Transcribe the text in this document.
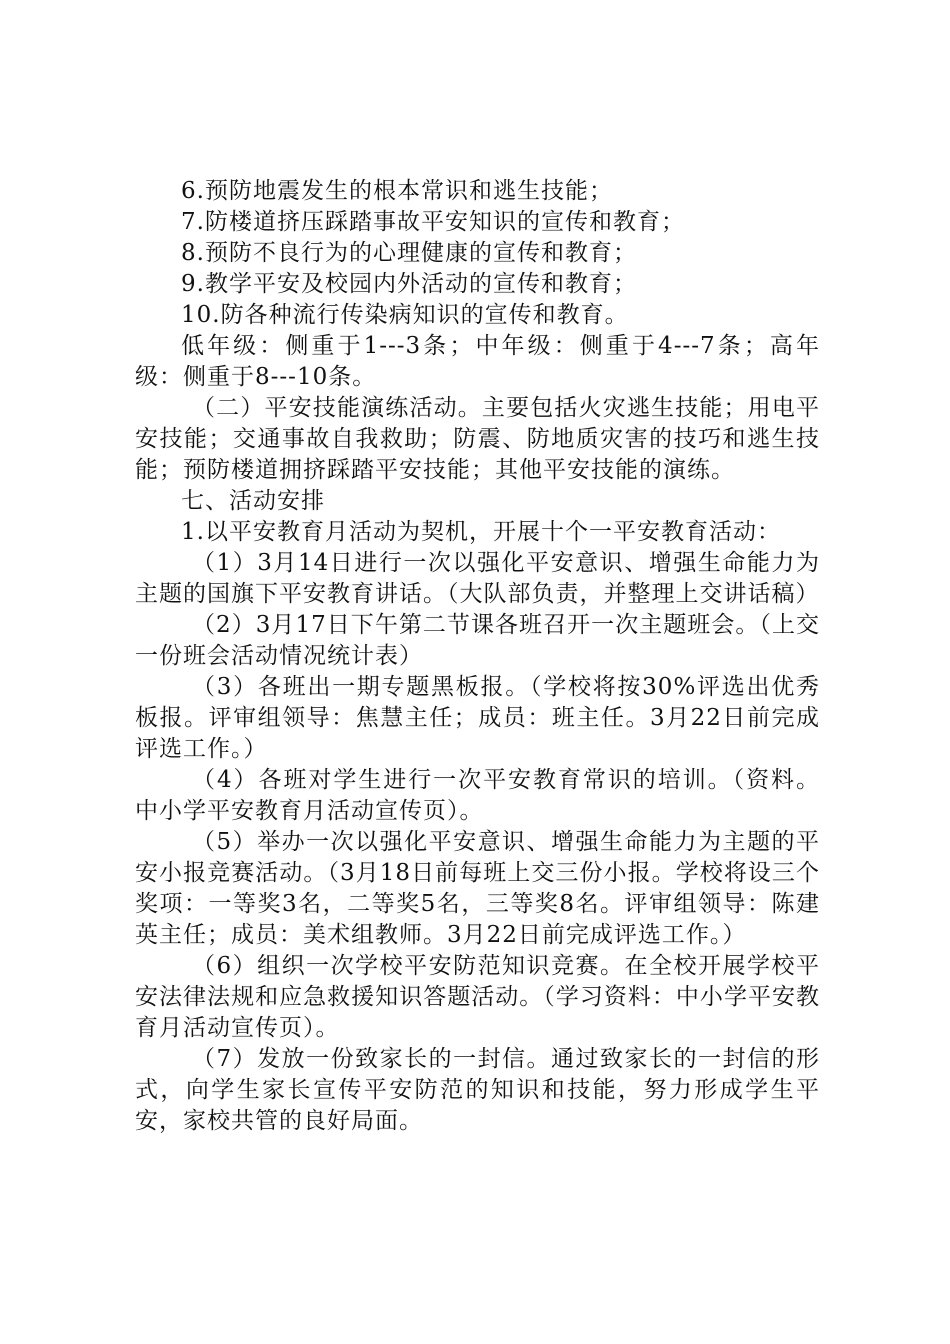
6.预防地震发生的根本常识和逃生技能；

7.防楼道挤压踩踏事故平安知识的宣传和教育；

8.预防不良行为的心理健康的宣传和教育；

9.教学平安及校园内外活动的宣传和教育；

10.防各种流行传染病知识的宣传和教育。

低年级：侧重于1---3条；中年级：侧重于4---7条；高年级：侧重于8---10条。

（二）平安技能演练活动。主要包括火灾逃生技能；用电平安技能；交通事故自我救助；防震、防地质灾害的技巧和逃生技能；预防楼道拥挤踩踏平安技能；其他平安技能的演练。

七、活动安排

1.以平安教育月活动为契机，开展十个一平安教育活动：

（1）3月14日进行一次以强化平安意识、增强生命能力为主题的国旗下平安教育讲话。（大队部负责，并整理上交讲话稿）

（2）3月17日下午第二节课各班召开一次主题班会。（上交一份班会活动情况统计表）

（3）各班出一期专题黑板报。（学校将按30%评选出优秀板报。评审组领导：焦慧主任；成员：班主任。3月22日前完成评选工作。）

（4）各班对学生进行一次平安教育常识的培训。（资料。中小学平安教育月活动宣传页）。

（5）举办一次以强化平安意识、增强生命能力为主题的平安小报竞赛活动。（3月18日前每班上交三份小报。学校将设三个奖项：一等奖3名，二等奖5名，三等奖8名。评审组领导：陈建英主任；成员：美术组教师。3月22日前完成评选工作。）

（6）组织一次学校平安防范知识竞赛。在全校开展学校平安法律法规和应急救援知识答题活动。（学习资料：中小学平安教育月活动宣传页）。

（7）发放一份致家长的一封信。通过致家长的一封信的形式，向学生家长宣传平安防范的知识和技能，努力形成学生平安，家校共管的良好局面。
